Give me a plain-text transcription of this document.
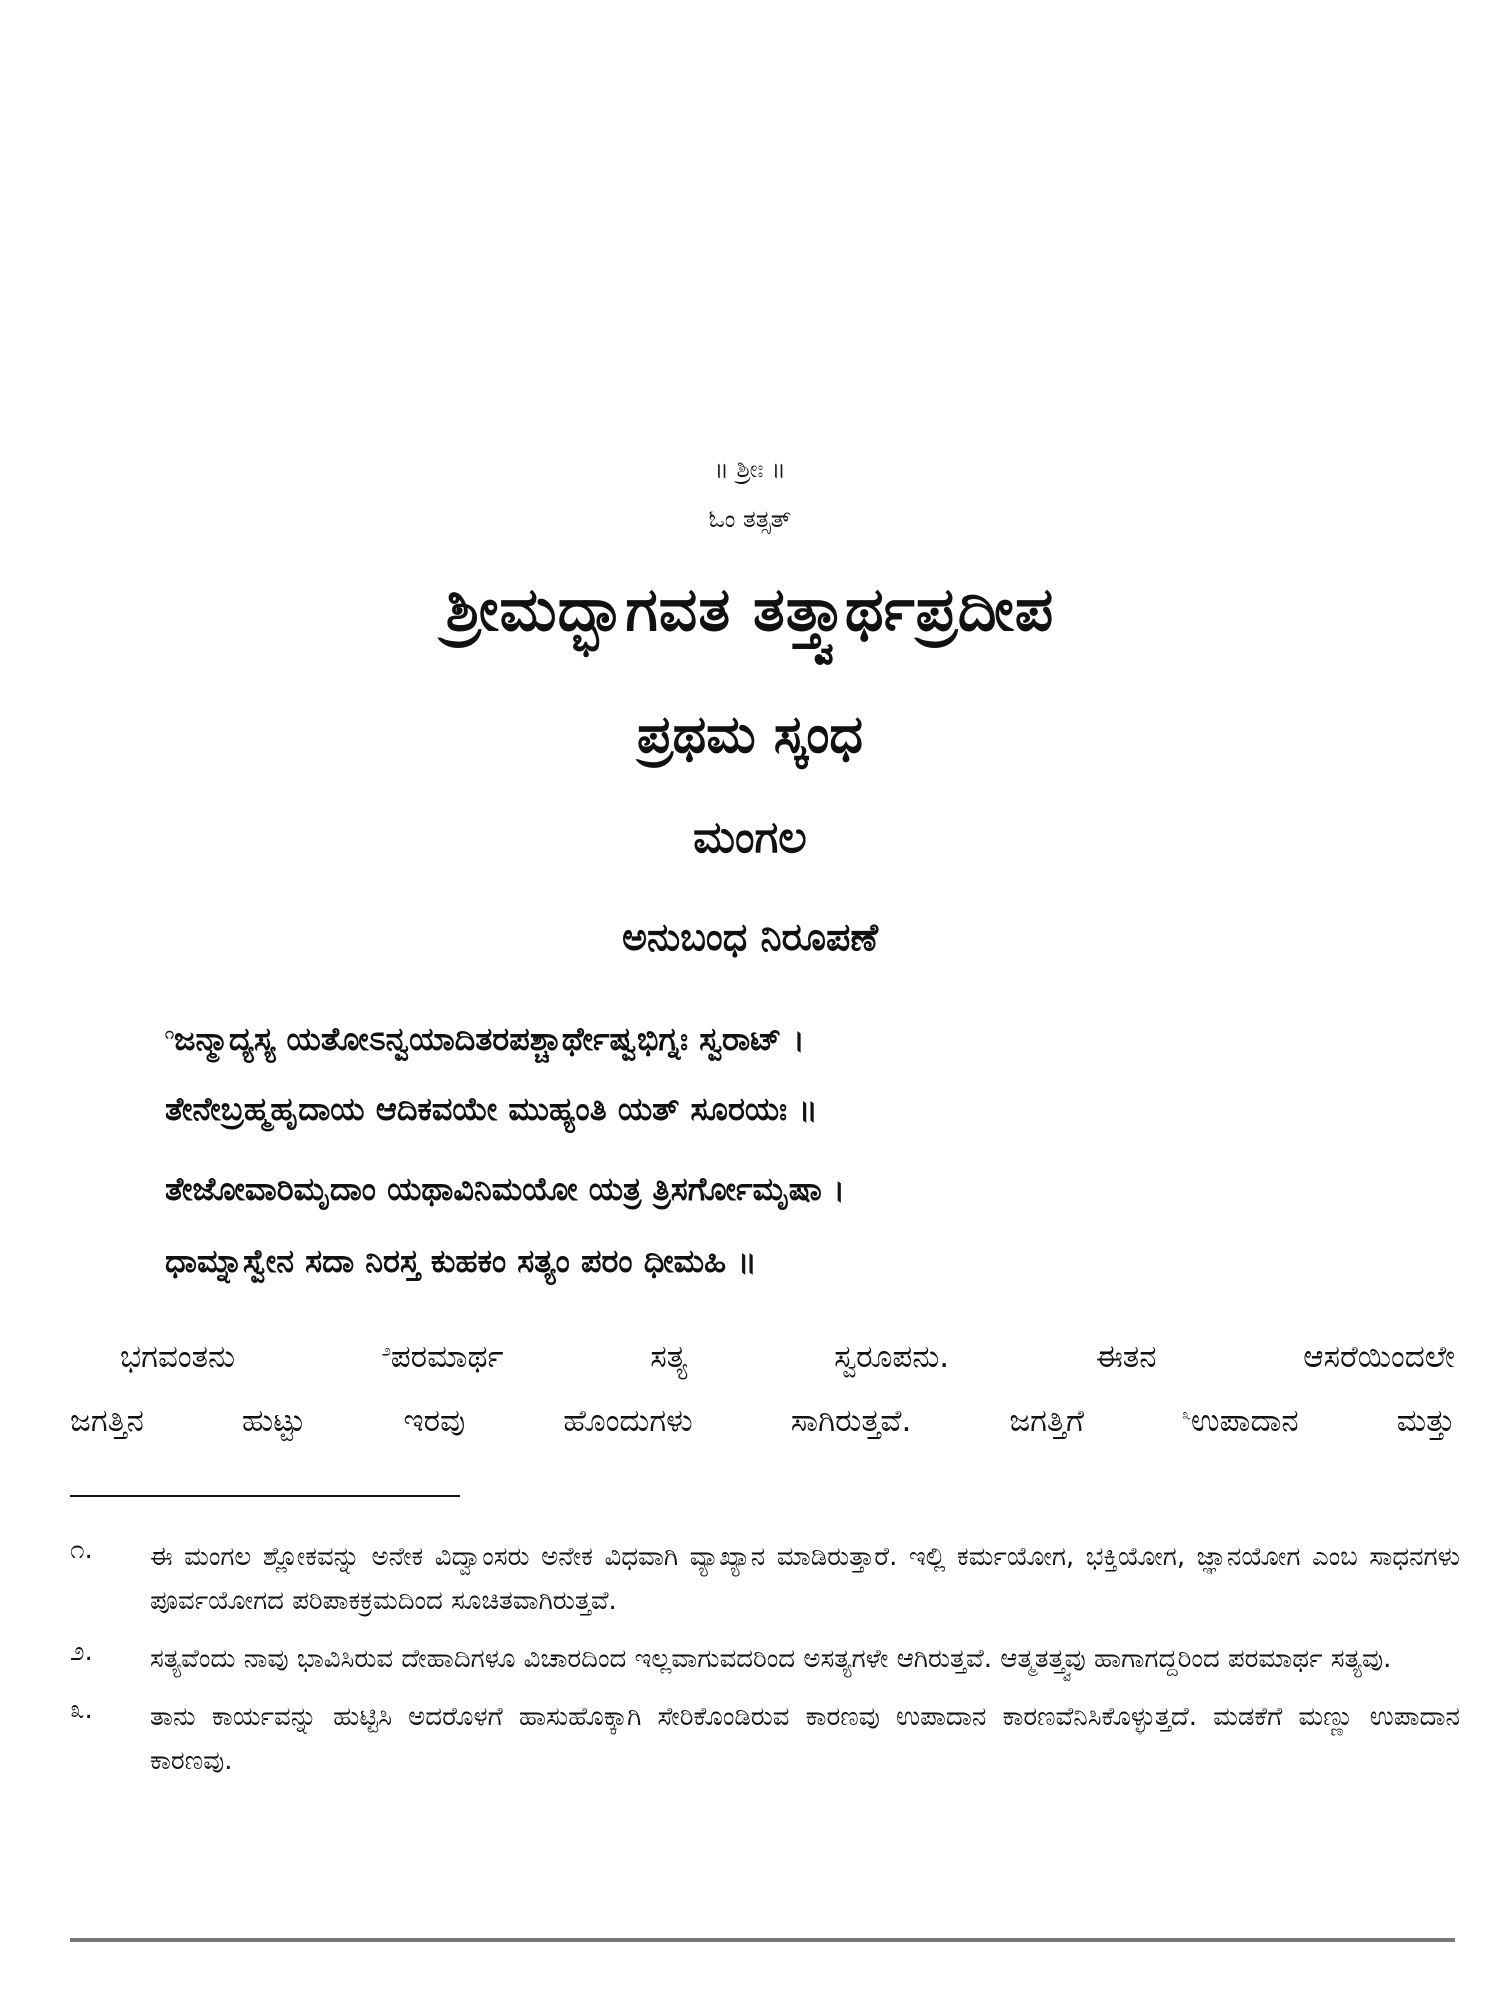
॥ ಶ್ರೀಃ ॥
ಓಂ ತತ್ಸತ್
ಶ್ರೀಮದ್ಭಾಗವತ ತತ್ತ್ವಾರ್ಥಪ್ರದೀಪ
ಪ್ರಥಮ ಸ್ಕಂಧ
ಮಂಗಲ
ಅನುಬಂಧ ನಿರೂಪಣೆ
$^೧$ಜನ್ಮಾದ್ಯಸ್ಯ ಯತೋಽನ್ವಯಾದಿತರಪಶ್ಚಾರ್ಥೇಷ್ವಭಿಗ್ನಃ ಸ್ವರಾಟ್ ।
ತೇನೇಬ್ರಹ್ಮಹೃದಾಯ ಆದಿಕವಯೇ ಮುಹ್ಯಂತಿ ಯತ್ ಸೂರಯಃ ॥
ತೇಜೋವಾರಿಮೃದಾಂ ಯಥಾವಿನಿಮಯೋ ಯತ್ರ ತ್ರಿಸರ್ಗೋಮೃಷಾ ।
ಧಾಮ್ನಾಸ್ವೇನ ಸದಾ ನಿರಸ್ತ ಕುಹಕಂ ಸತ್ಯಂ ಪರಂ ಧೀಮಹಿ ॥
ಭಗವಂತನು	$^೨$ಪರಮಾರ್ಥ ಸತ್ಯ ಸ್ವರೂಪನು. ಈತನ ಆಸರೆಯಿಂದಲೇ
ಜಗತ್ತಿನ ಹುಟ್ಟು ಇರವು ಹೊಂದುಗಳು ಸಾಗಿರುತ್ತವೆ. ಜಗತ್ತಿಗೆ	$^೩$ಉಪಾದಾನ ಮತ್ತು
೧.	ಈ ಮಂಗಲ ಶ್ಲೋಕವನ್ನು ಅನೇಕ ವಿದ್ವಾಂಸರು ಅನೇಕ ವಿಧವಾಗಿ ವ್ಯಾಖ್ಯಾನ ಮಾಡಿರುತ್ತಾರೆ. ಇಲ್ಲಿ ಕರ್ಮಯೋಗ, ಭಕ್ತಿಯೋಗ, ಜ್ಞಾನಯೋಗ ಎಂಬ ಸಾಧನಗಳು ಪೂರ್ವಯೋಗದ ಪರಿಪಾಕಕ್ರಮದಿಂದ ಸೂಚಿತವಾಗಿರುತ್ತವೆ.
೨.	ಸತ್ಯವೆಂದು ನಾವು ಭಾವಿಸಿರುವ ದೇಹಾದಿಗಳೂ ವಿಚಾರದಿಂದ ಇಲ್ಲವಾಗುವದರಿಂದ ಅಸತ್ಯಗಳೇ ಆಗಿರುತ್ತವೆ. ಆತ್ಮತತ್ತ್ವವು ಹಾಗಾಗದ್ದರಿಂದ ಪರಮಾರ್ಥ ಸತ್ಯವು.
೩.	ತಾನು ಕಾರ್ಯವನ್ನು ಹುಟ್ಟಿಸಿ ಅದರೊಳಗೆ ಹಾಸುಹೊಕ್ಕಾಗಿ ಸೇರಿಕೊಂಡಿರುವ ಕಾರಣವು ಉಪಾದಾನ ಕಾರಣವೆನಿಸಿಕೊಳ್ಳುತ್ತದೆ. ಮಡಕೆಗೆ ಮಣ್ಣು ಉಪಾದಾನ ಕಾರಣವು.
